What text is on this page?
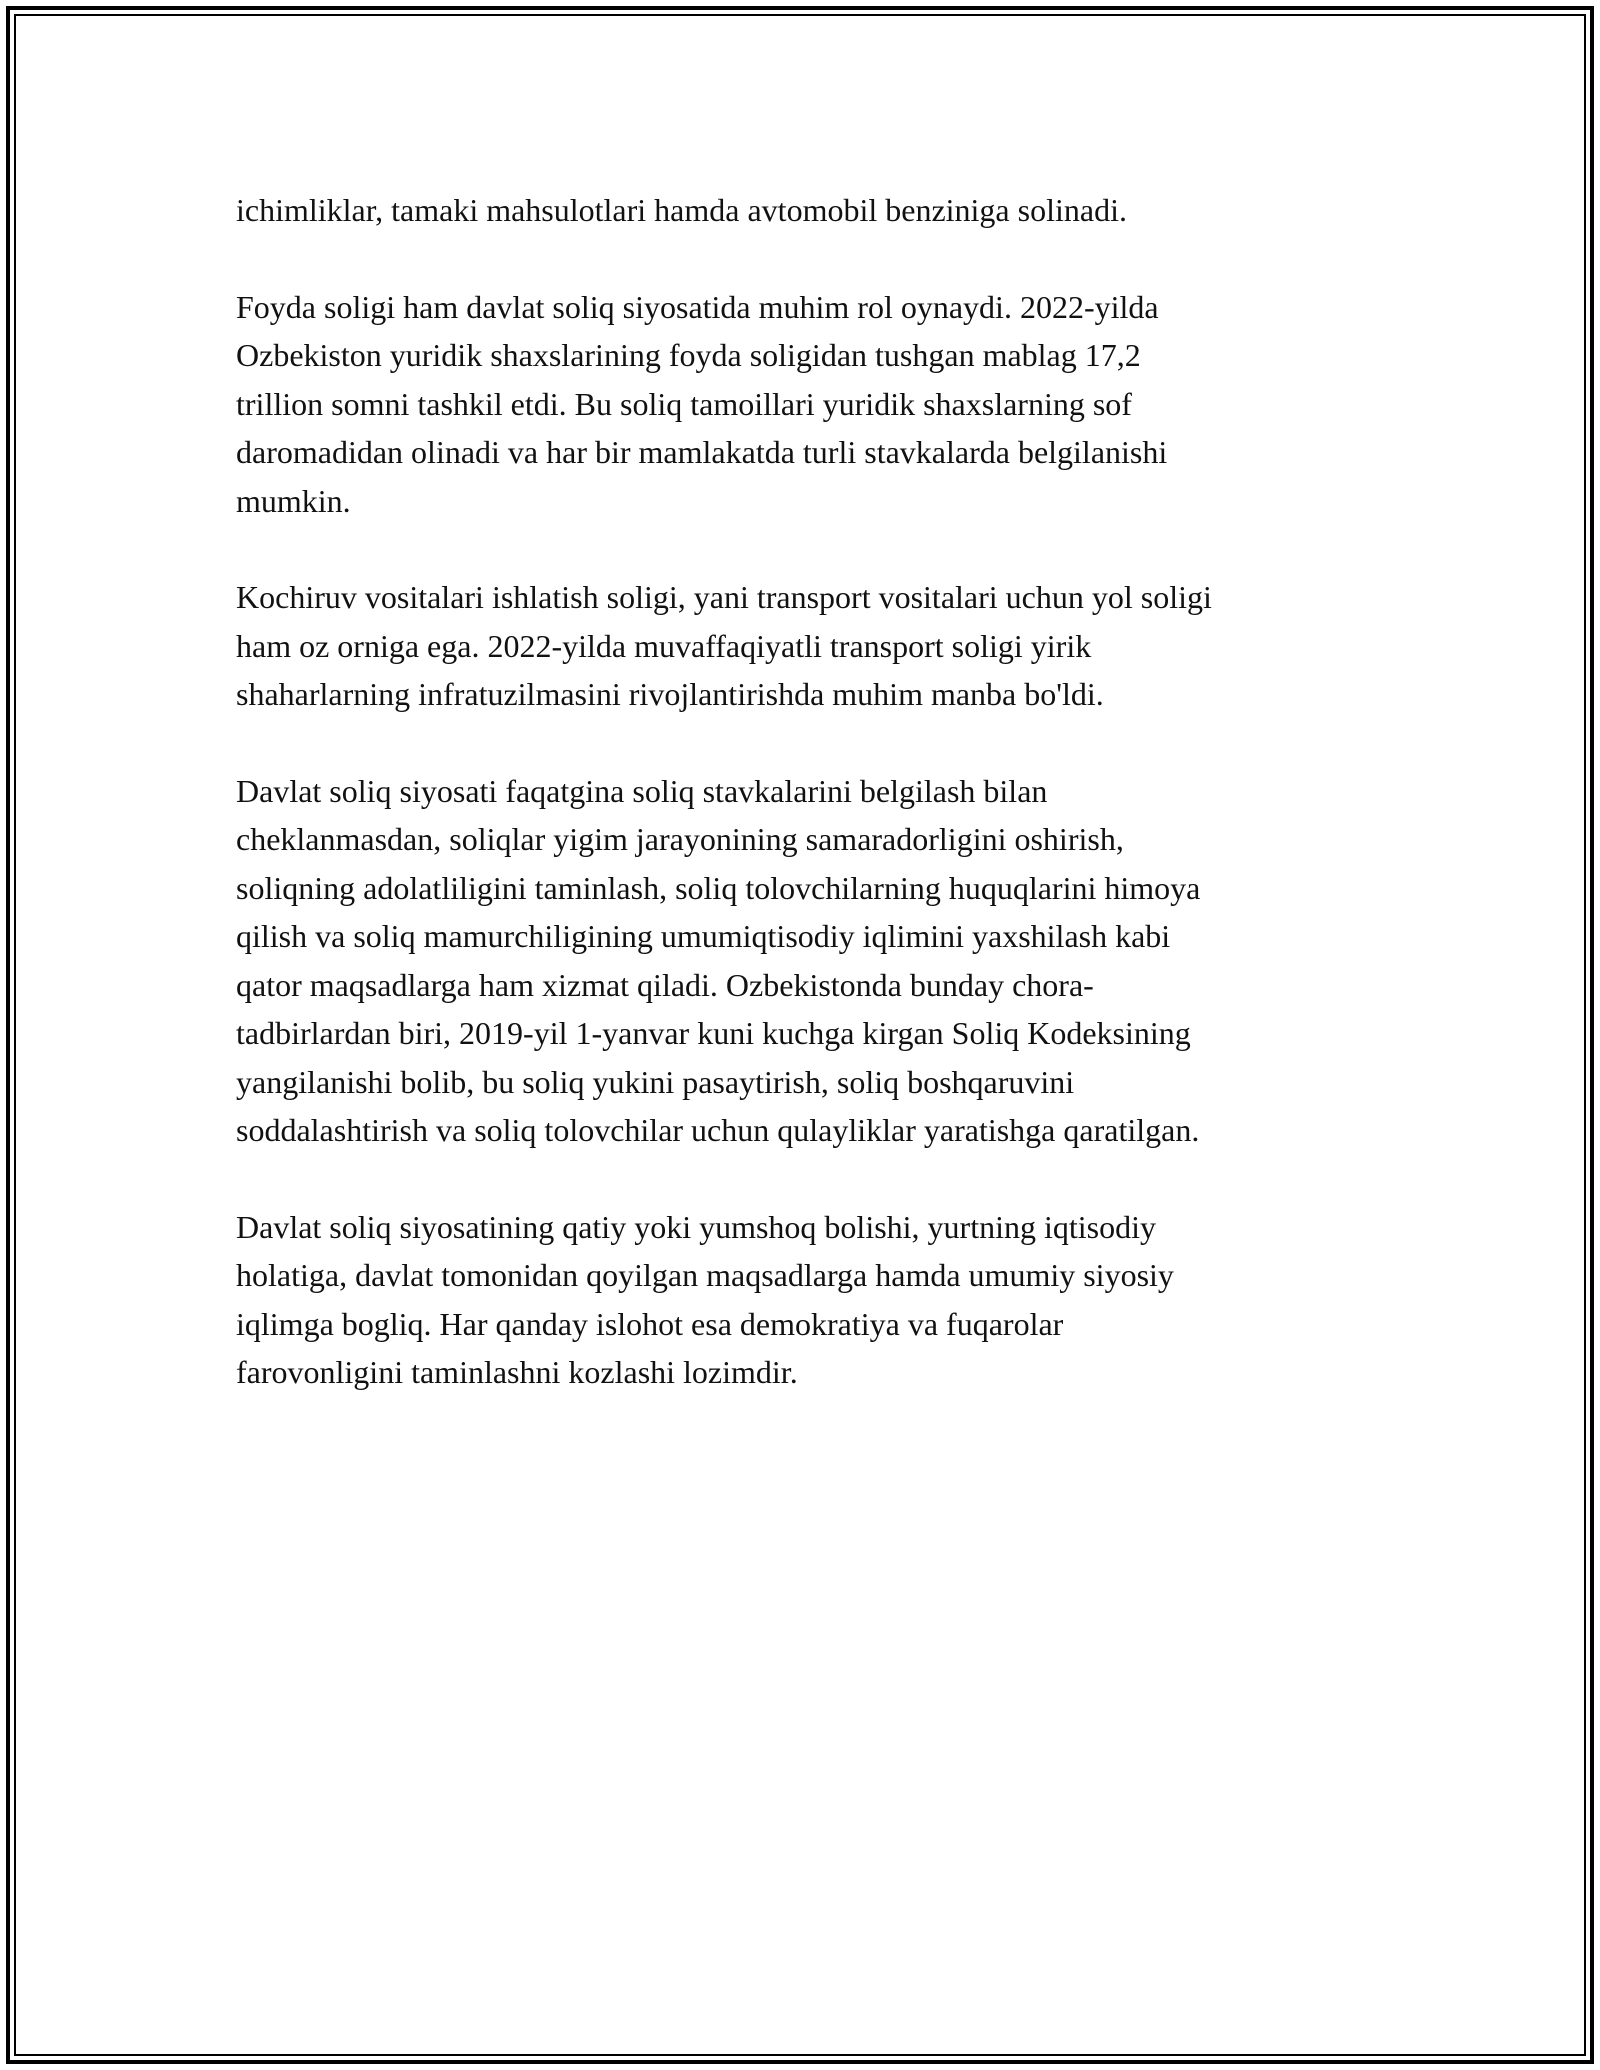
ichimliklar, tamaki mahsulotlari hamda avtomobil benziniga solinadi.

Foyda soligi ham davlat soliq siyosatida muhim rol oynaydi. 2022-yilda
Ozbekiston yuridik shaxslarining foyda soligidan tushgan mablag 17,2
trillion somni tashkil etdi. Bu soliq tamoillari yuridik shaxslarning sof
daromadidan olinadi va har bir mamlakatda turli stavkalarda belgilanishi
mumkin.

Kochiruv vositalari ishlatish soligi, yani transport vositalari uchun yol soligi
ham oz orniga ega. 2022-yilda muvaffaqiyatli transport soligi yirik
shaharlarning infratuzilmasini rivojlantirishda muhim manba bo'ldi.

Davlat soliq siyosati faqatgina soliq stavkalarini belgilash bilan
cheklanmasdan, soliqlar yigim jarayonining samaradorligini oshirish,
soliqning adolatliligini taminlash, soliq tolovchilarning huquqlarini himoya
qilish va soliq mamurchiligining umumiqtisodiy iqlimini yaxshilash kabi
qator maqsadlarga ham xizmat qiladi. Ozbekistonda bunday chora-
tadbirlardan biri, 2019-yil 1-yanvar kuni kuchga kirgan Soliq Kodeksining
yangilanishi bolib, bu soliq yukini pasaytirish, soliq boshqaruvini
soddalashtirish va soliq tolovchilar uchun qulayliklar yaratishga qaratilgan.

Davlat soliq siyosatining qatiy yoki yumshoq bolishi, yurtning iqtisodiy
holatiga, davlat tomonidan qoyilgan maqsadlarga hamda umumiy siyosiy
iqlimga bogliq. Har qanday islohot esa demokratiya va fuqarolar
farovonligini taminlashni kozlashi lozimdir.
